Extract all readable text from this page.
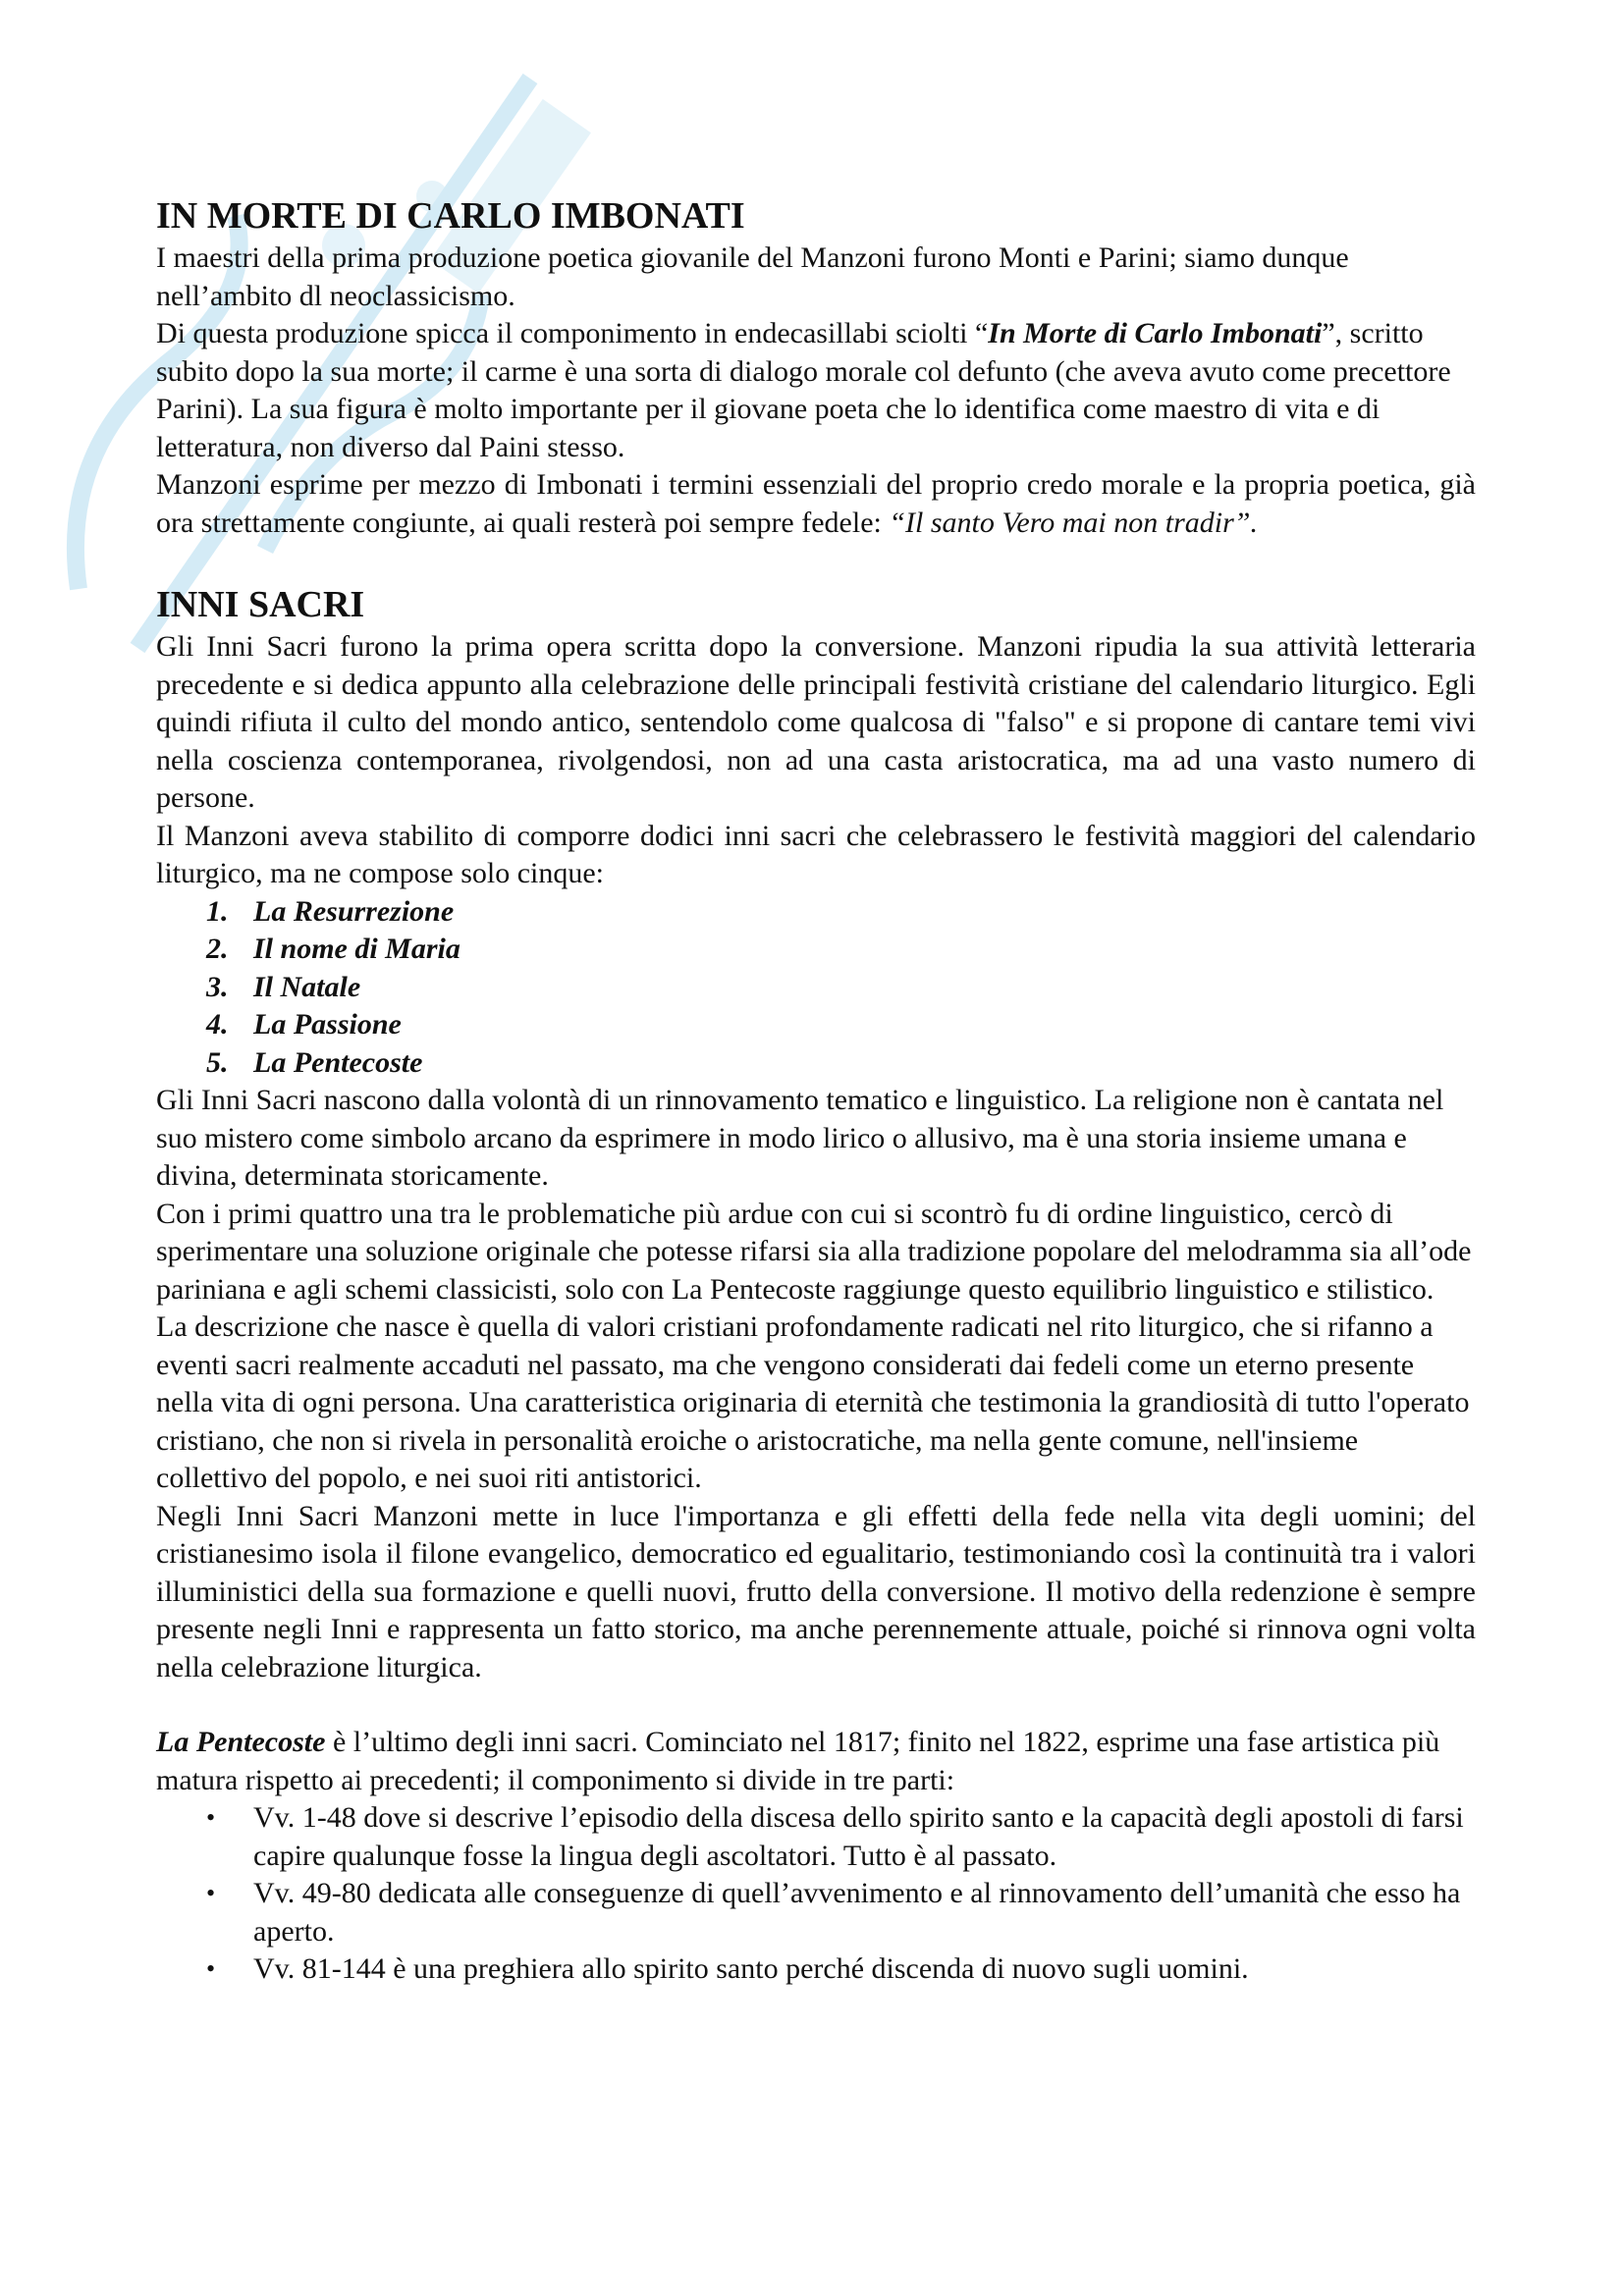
IN MORTE DI CARLO IMBONATI

I maestri della prima produzione poetica giovanile del Manzoni furono Monti e Parini; siamo dunque nell’ambito dl neoclassicismo.

Di questa produzione spicca il componimento in endecasillabi sciolti “In Morte di Carlo Imbonati”, scritto subito dopo la sua morte; il carme è una sorta di dialogo morale col defunto (che aveva avuto come precettore Parini). La sua figura è molto importante per il giovane poeta che lo identifica come maestro di vita e di letteratura, non diverso dal Paini stesso.

Manzoni esprime per mezzo di Imbonati i termini essenziali del proprio credo morale e la propria poetica, già ora strettamente congiunte, ai quali resterà poi sempre fedele: “Il santo Vero mai non tradir”.

INNI SACRI

Gli Inni Sacri furono la prima opera scritta dopo la conversione. Manzoni ripudia la sua attività letteraria precedente e si dedica appunto alla celebrazione delle principali festività cristiane del calendario liturgico. Egli quindi rifiuta il culto del mondo antico, sentendolo come qualcosa di "falso" e si propone di cantare temi vivi nella coscienza contemporanea, rivolgendosi, non ad una casta aristocratica, ma ad una vasto numero di persone.

Il Manzoni aveva stabilito di comporre dodici inni sacri che celebrassero le festività maggiori del calendario liturgico, ma ne compose solo cinque:

1. La Resurrezione
2. Il nome di Maria
3. Il Natale
4. La Passione
5. La Pentecoste

Gli Inni Sacri nascono dalla volontà di un rinnovamento tematico e linguistico. La religione non è cantata nel suo mistero come simbolo arcano da esprimere in modo lirico o allusivo, ma è una storia insieme umana e divina, determinata storicamente.

Con i primi quattro una tra le problematiche più ardue con cui si scontrò fu di ordine linguistico, cercò di sperimentare una soluzione originale che potesse rifarsi sia alla tradizione popolare del melodramma sia all’ode pariniana e agli schemi classicisti, solo con La Pentecoste raggiunge questo equilibrio linguistico e stilistico.

La descrizione che nasce è quella di valori cristiani profondamente radicati nel rito liturgico, che si rifanno a eventi sacri realmente accaduti nel passato, ma che vengono considerati dai fedeli come un eterno presente nella vita di ogni persona. Una caratteristica originaria di eternità che testimonia la grandiosità di tutto l'operato cristiano, che non si rivela in personalità eroiche o aristocratiche, ma nella gente comune, nell'insieme collettivo del popolo, e nei suoi riti antistorici.

Negli Inni Sacri Manzoni mette in luce l'importanza e gli effetti della fede nella vita degli uomini; del cristianesimo isola il filone evangelico, democratico ed egualitario, testimoniando così la continuità tra i valori illuministici della sua formazione e quelli nuovi, frutto della conversione. Il motivo della redenzione è sempre presente negli Inni e rappresenta un fatto storico, ma anche perennemente attuale, poiché si rinnova ogni volta nella celebrazione liturgica.

La Pentecoste è l’ultimo degli inni sacri. Cominciato nel 1817; finito nel 1822, esprime una fase artistica più matura rispetto ai precedenti; il componimento si divide in tre parti:

• Vv. 1-48 dove si descrive l’episodio della discesa dello spirito santo e la capacità degli apostoli di farsi capire qualunque fosse la lingua degli ascoltatori. Tutto è al passato.
• Vv. 49-80 dedicata alle conseguenze di quell’avvenimento e al rinnovamento dell’umanità che esso ha aperto.
• Vv. 81-144 è una preghiera allo spirito santo perché discenda di nuovo sugli uomini.
